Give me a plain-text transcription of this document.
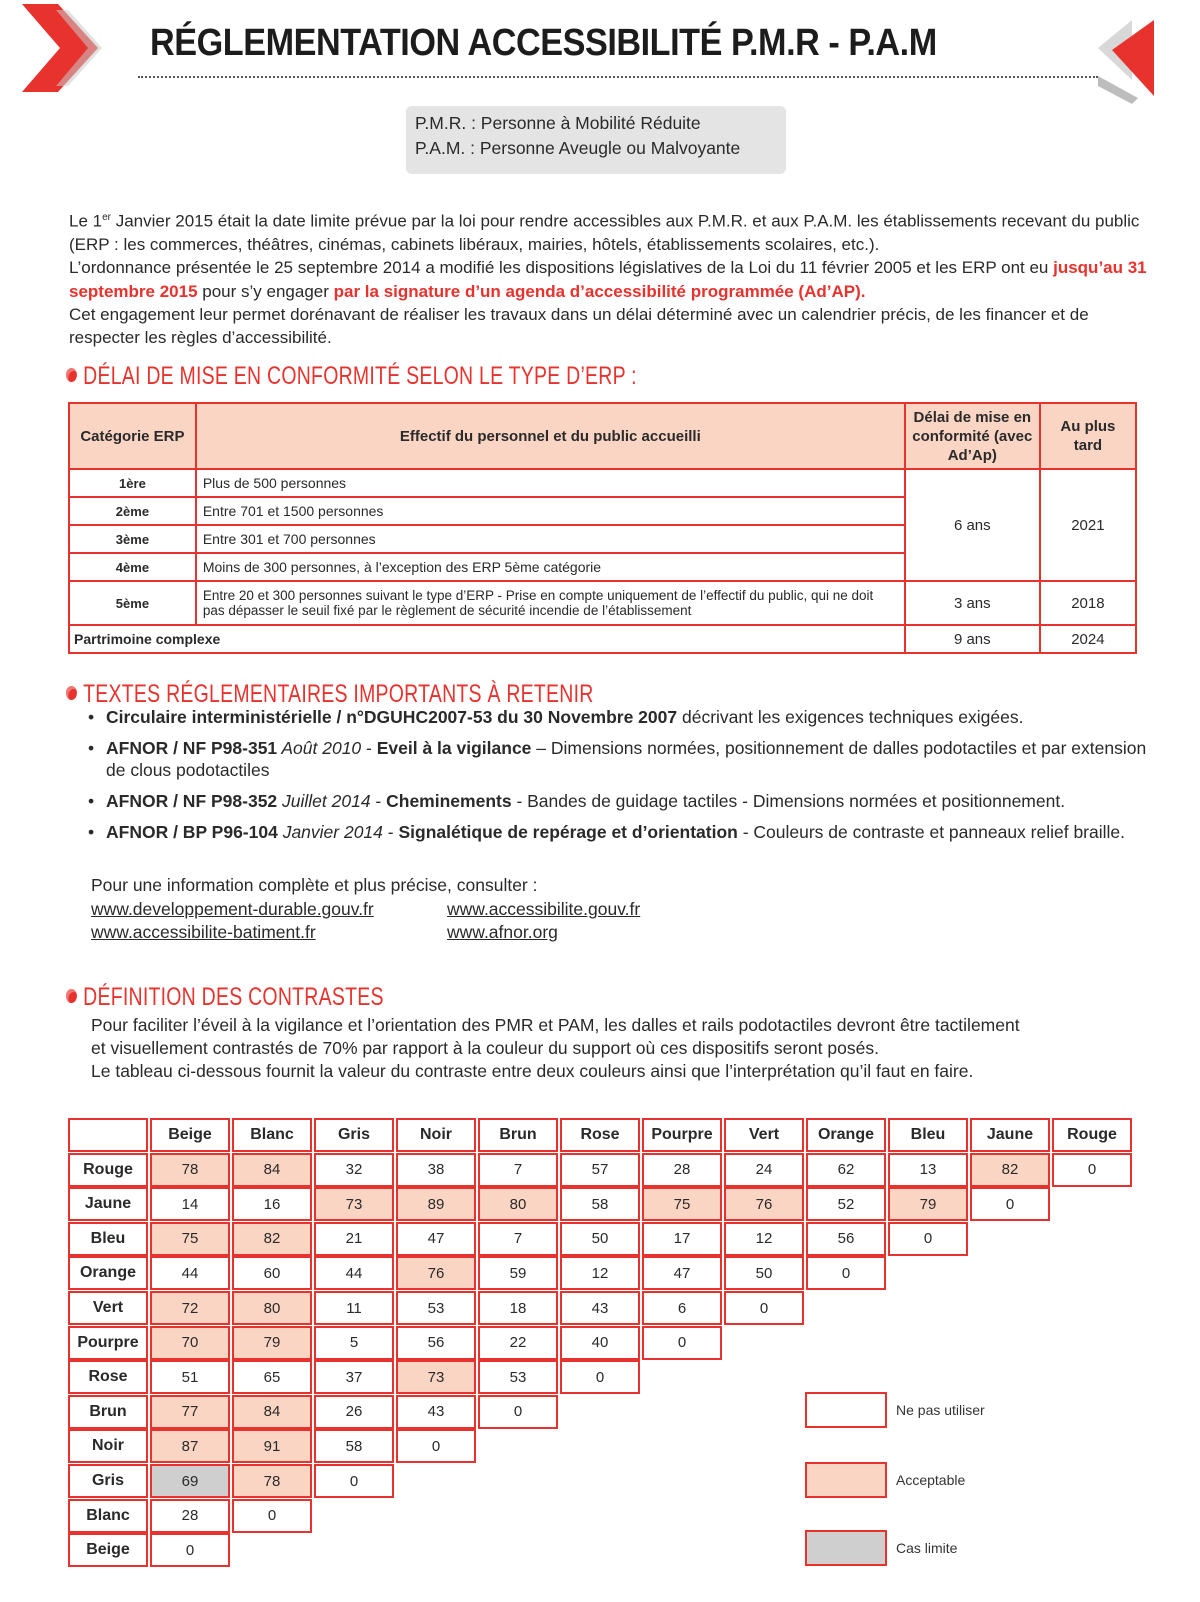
RÉGLEMENTATION ACCESSIBILITÉ P.M.R - P.A.M
P.M.R. : Personne à Mobilité Réduite
P.A.M. : Personne Aveugle ou Malvoyante

Le 1er Janvier 2015 était la date limite prévue par la loi pour rendre accessibles aux P.M.R. et aux P.A.M. les établissements recevant du public (ERP : les commerces, théâtres, cinémas, cabinets libéraux, mairies, hôtels, établissements scolaires, etc.).

L’ordonnance présentée le 25 septembre 2014 a modifié les dispositions législatives de la Loi du 11 février 2005 et les ERP ont eu jusqu’au 31 septembre 2015 pour s’y engager par la signature d’un agenda d’accessibilité programmée (Ad’AP).

Cet engagement leur permet dorénavant de réaliser les travaux dans un délai déterminé avec un calendrier précis, de les financer et de respecter les règles d’accessibilité.

DÉLAI DE MISE EN CONFORMITÉ SELON LE TYPE D’ERP :
Catégorie ERP	Effectif du personnel et du public accueilli	Délai de mise en conformité (avec Ad’Ap)	Au plus tard
1ère	Plus de 500 personnes	6 ans	2021
2ème	Entre 701 et 1500 personnes		
3ème	Entre 301 et 700 personnes		
4ème	Moins de 300 personnes, à l’exception des ERP 5ème catégorie		
5ème	Entre 20 et 300 personnes suivant le type d’ERP - Prise en compte uniquement de l’effectif du public, qui ne doit pas dépasser le seuil fixé par le règlement de sécurité incendie de l’établissement	3 ans	2018
Partrimoine complexe		9 ans	2024
TEXTES RÉGLEMENTAIRES IMPORTANTS À RETENIR
• Circulaire interministérielle / n°DGUHC2007-53 du 30 Novembre 2007 décrivant les exigences techniques exigées.
• AFNOR / NF P98-351 Août 2010 - Eveil à la vigilance – Dimensions normées, positionnement de dalles podotactiles et par extension de clous podotactiles
• AFNOR / NF P98-352 Juillet 2014 - Cheminements - Bandes de guidage tactiles - Dimensions normées et positionnement.
• AFNOR / BP P96-104 Janvier 2014 - Signalétique de repérage et d’orientation - Couleurs de contraste et panneaux relief braille.
Pour une information complète et plus précise, consulter :
www.developpement-durable.gouv.fr	www.accessibilite.gouv.fr
www.accessibilite-batiment.fr	www.afnor.org
DÉFINITION DES CONTRASTES
Pour faciliter l’éveil à la vigilance et l’orientation des PMR et PAM, les dalles et rails podotactiles devront être tactilement
et visuellement contrastés de 70% par rapport à la couleur du support où ces dispositifs seront posés.
Le tableau ci-dessous fournit la valeur du contraste entre deux couleurs ainsi que l’interprétation qu’il faut en faire.
Beige	Blanc	Gris	Noir	Brun	Rose	Pourpre	Vert	Orange	Bleu	Jaune	Rouge
Rouge	78	84	32	38	7	57	28	24	62	13	82	0
Jaune	14	16	73	89	80	58	75	76	52	79	0
Bleu	75	82	21	47	7	50	17	12	56	0
Orange	44	60	44	76	59	12	47	50	0
Vert	72	80	11	53	18	43	6	0
Pourpre	70	79	5	56	22	40	0
Rose	51	65	37	73	53	0
Brun	77	84	26	43	0
Noir	87	91	58	0
Gris	69	78	0
Blanc	28	0
Beige	0
Ne pas utiliser
Acceptable
Cas limite
